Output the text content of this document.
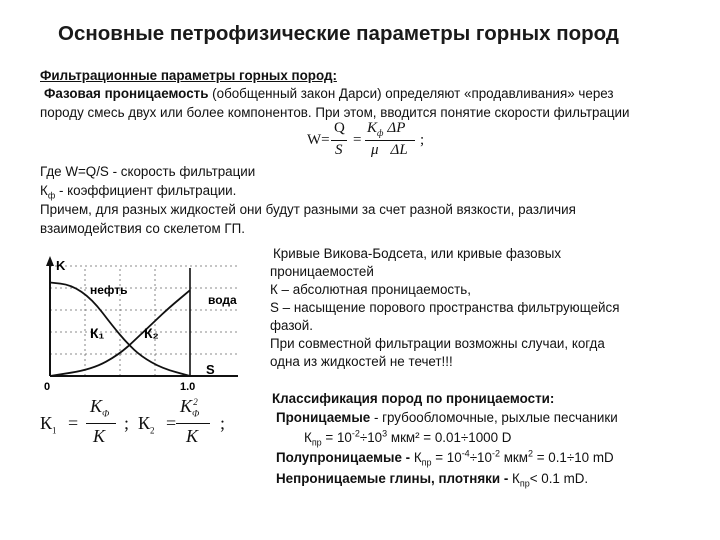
Основные петрофизические параметры горных пород
Фильтрационные параметры горных пород:
Фазовая проницаемость (обобщенный закон Дарси) определяют «продавливания» через
породу смесь двух или более компонентов. При этом, вводится понятие скорости фильтрации
W=
Q
S
=
$K_ф$ ΔP
μ ΔL
;
Где W=Q/S - скорость фильтрации
$К_ф$ - коэффициент фильтрации.
Причем, для разных жидкостей они будут разными за счет разной вязкости, различия
взаимодействия со скелетом ГП.
Кривые Викова-Бодсета, или кривые фазовых
проницаемостей
К – абсолютная проницаемость,
S – насыщение порового пространства фильтрующейся
фазой.
При совместной фильтрации возможны случаи, когда
одна из жидкостей не течет!!!
Классификация пород по проницаемости:
Проницаемые - грубообломочные, рыхлые песчаники
$К_{пр} = 10^{-2}\div 10^3$ мкм² = 0.01÷1000 D
Полупроницаемые - $К_{пр} = 10^{-4}\div 10^{-2}$ мкм$^2$ = 0.1÷10 mD
Непроницаемые глины, плотняки - $К_{пр}< 0.1$ mD.
K
S
0	1.0
нефть
вода
К₁	К₂
$К_1$ =
$К_Ф$
К
; $К_2$ =
$К_Ф^2$
К
;
